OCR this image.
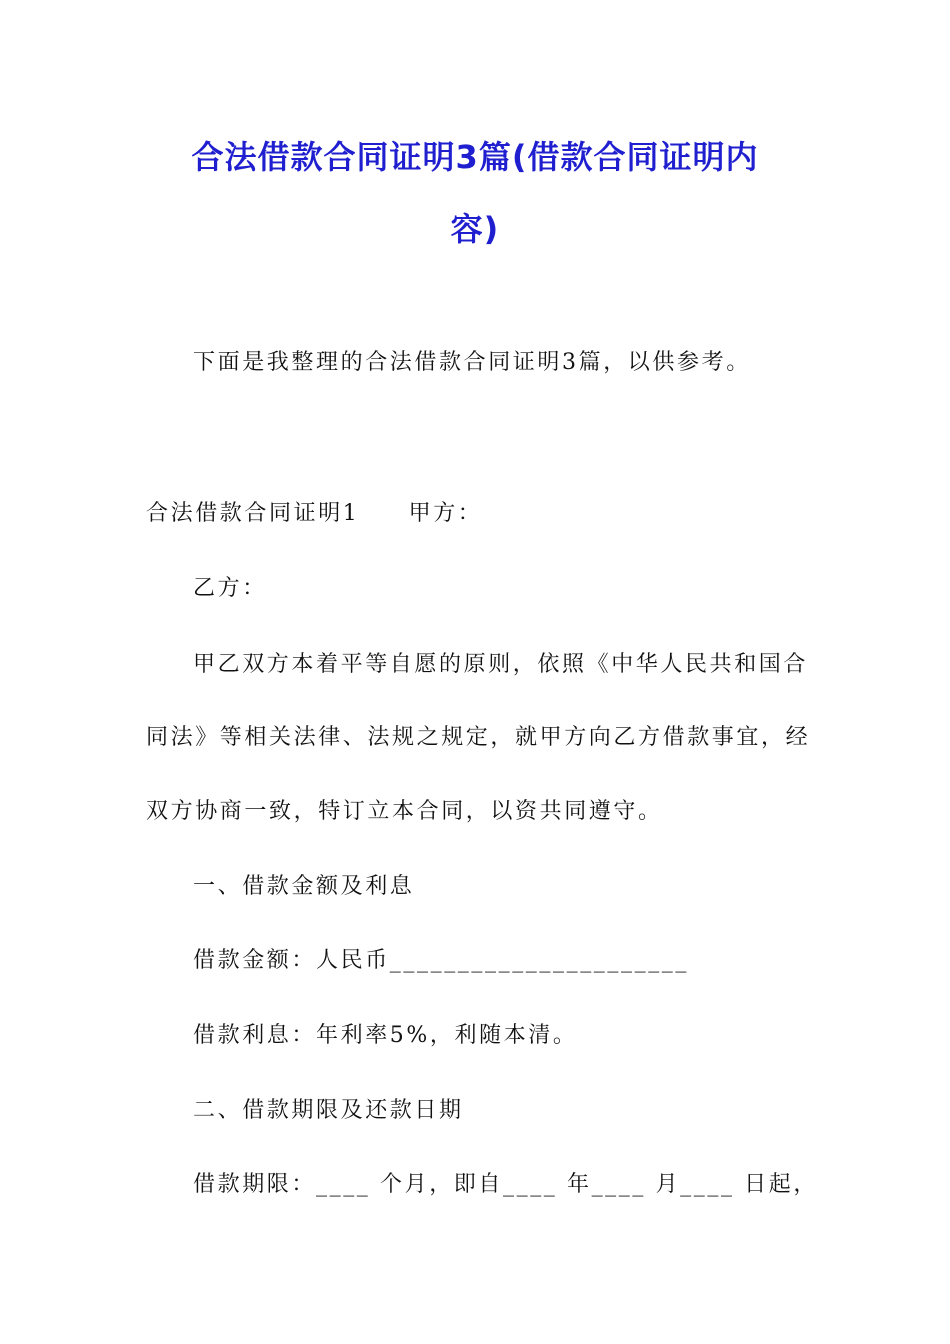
合法借款合同证明3篇(借款合同证明内
容)
下面是我整理的合法借款合同证明3篇，以供参考。
合法借款合同证明1　　甲方：
乙方：
甲乙双方本着平等自愿的原则，依照《中华人民共和国合
同法》等相关法律、法规之规定，就甲方向乙方借款事宜，经
双方协商一致，特订立本合同，以资共同遵守。
一、借款金额及利息
借款金额：人民币______________________
借款利息：年利率5%，利随本清。
二、借款期限及还款日期
借款期限：____ 个月，即自____ 年____ 月____ 日起，
